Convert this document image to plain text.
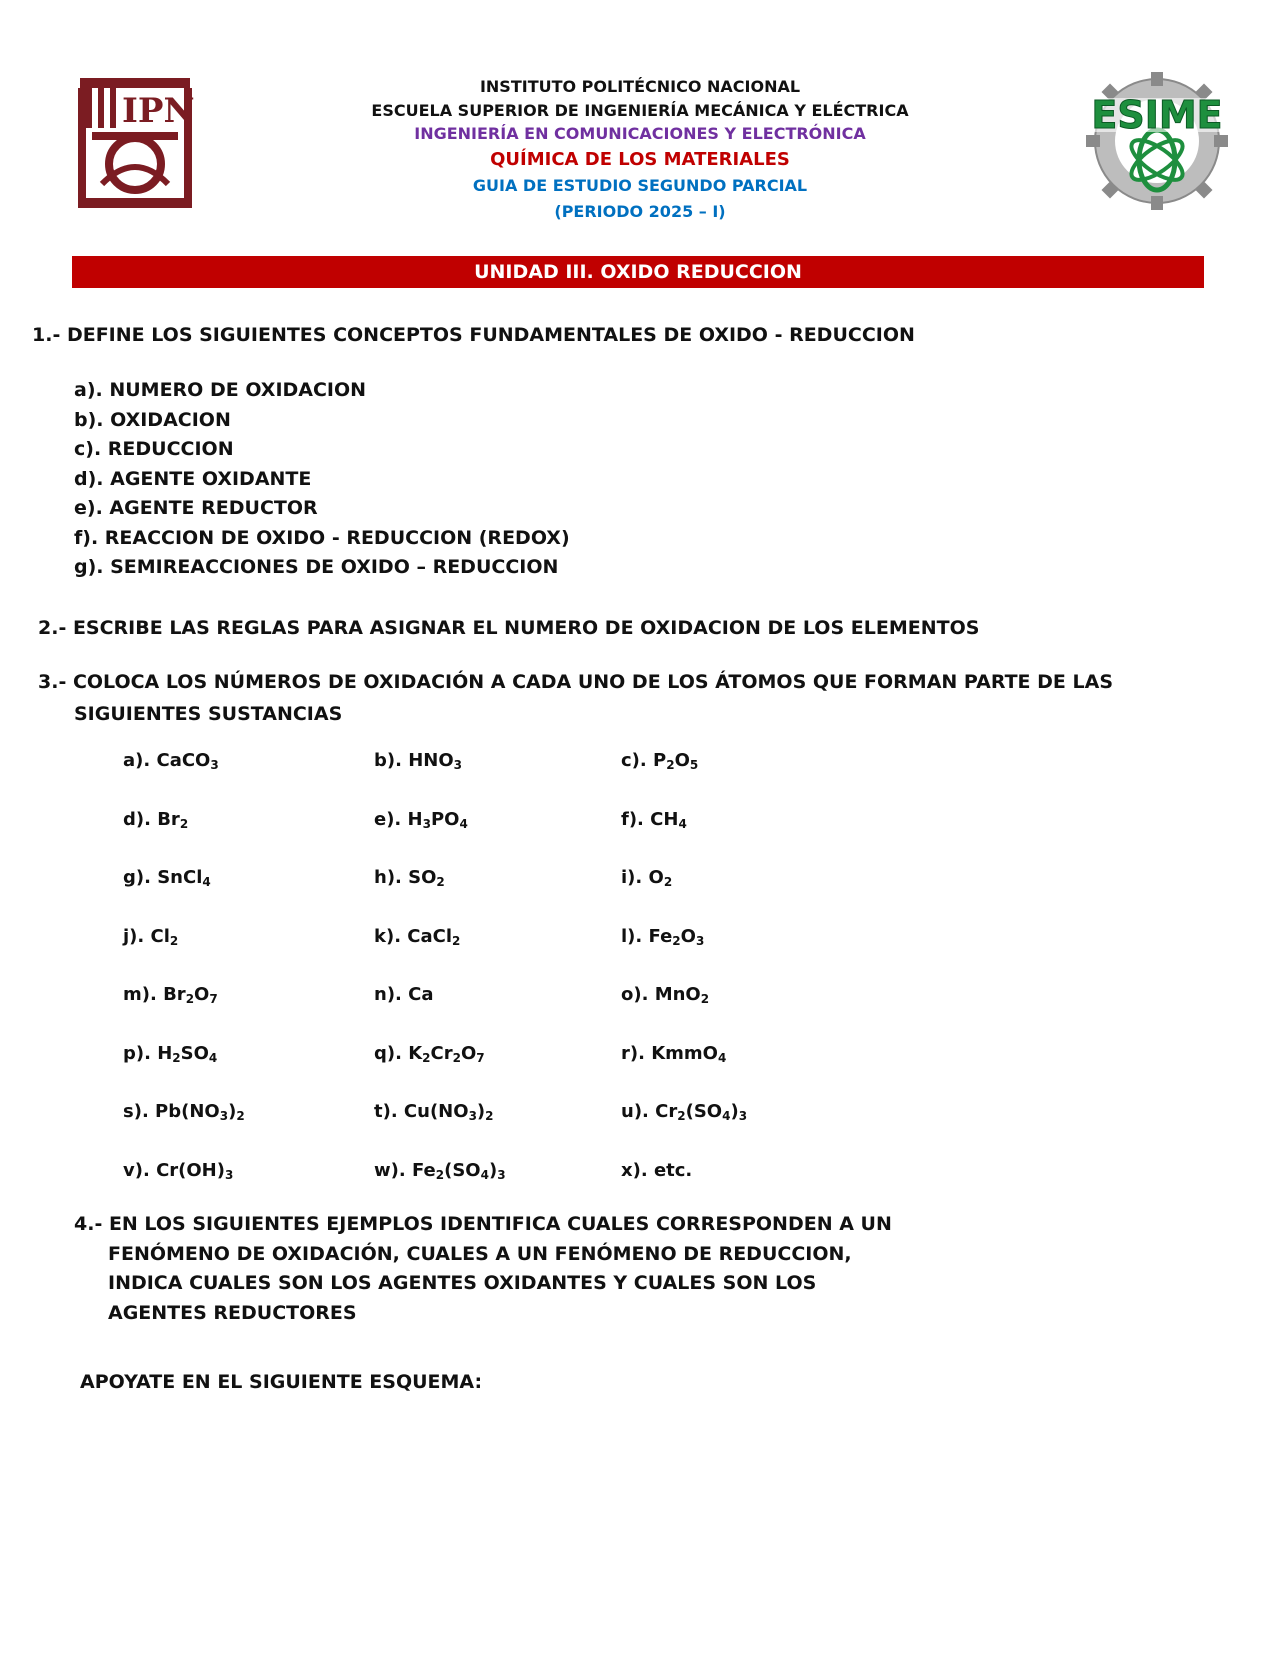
IPN	ESIME
INSTITUTO POLITÉCNICO NACIONAL
ESCUELA SUPERIOR DE INGENIERÍA MECÁNICA Y ELÉCTRICA
INGENIERÍA EN COMUNICACIONES Y ELECTRÓNICA
QUÍMICA DE LOS MATERIALES
GUIA DE ESTUDIO SEGUNDO PARCIAL
(PERIODO 2025 – I)
UNIDAD III. OXIDO REDUCCION
1.- DEFINE LOS SIGUIENTES CONCEPTOS FUNDAMENTALES DE OXIDO - REDUCCION
a). NUMERO DE OXIDACION
b). OXIDACION
c). REDUCCION
d). AGENTE OXIDANTE
e). AGENTE REDUCTOR
f). REACCION DE OXIDO - REDUCCION (REDOX)
g). SEMIREACCIONES DE OXIDO – REDUCCION
2.- ESCRIBE LAS REGLAS PARA ASIGNAR EL NUMERO DE OXIDACION DE LOS ELEMENTOS
3.- COLOCA LOS NÚMEROS DE OXIDACIÓN A CADA UNO DE LOS ÁTOMOS QUE FORMAN PARTE DE LAS
SIGUIENTES SUSTANCIAS
a). CaCO$_3$	b). $HNO_3$	c). $P_2O_5$
d). $Br_2$	e). $H_3PO_4$	f). $CH_4$
g). SnCl$_4$	h). $SO_2$	i). $O_2$
j). $Cl_2$	k). CaCl$_2$	l). $Fe_2O_3$
m). $Br_2O_7$	n). Ca	o). MnO$_2$
p). $H_2SO_4$	q). $K_2Cr_2O_7$	r). KmmO$_4$
s). $Pb(NO_3)_2$	t). $Cu(NO_3)_2$	u). $Cr_2(SO_4)_3$
v). $Cr(OH)_3$	w). $Fe_2(SO_4)_3$	x). etc.
4.- EN LOS SIGUIENTES EJEMPLOS IDENTIFICA CUALES CORRESPONDEN A UN
FENÓMENO DE OXIDACIÓN, CUALES A UN FENÓMENO DE REDUCCION,
INDICA CUALES SON LOS AGENTES OXIDANTES Y CUALES SON LOS
AGENTES REDUCTORES
APOYATE EN EL SIGUIENTE ESQUEMA:
